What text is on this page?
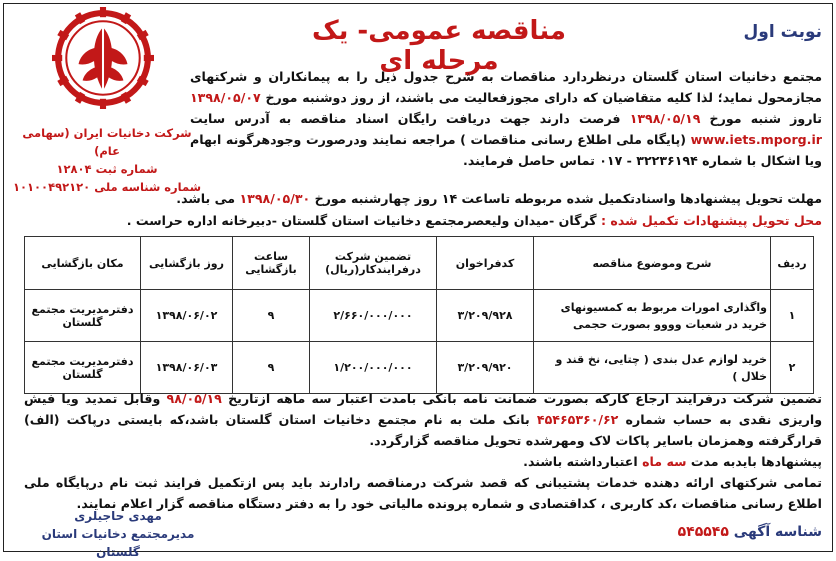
نوبت اول
مناقصه عمومی- یک مرحله ای
شرکت دخانیات ایران (سهامی عام)
شماره ثبت ۱۲۸۰۴
شماره شناسه ملی ۱۰۱۰۰۴۹۲۱۲۰
مجتمع دخانیات استان گلستان درنظردارد مناقصات به شرح جدول ذیل را به پیمانکاران و شرکتهای مجازمحول نماید؛ لذا کلیه متقاضیان که دارای مجوزفعالیت می باشند، از روز دوشنبه مورخ ۱۳۹۸/۰۵/۰۷ تاروز شنبه مورخ ۱۳۹۸/۰۵/۱۹ فرصت دارند جهت دریافت رایگان اسناد مناقصه به آدرس سایت www.iets.mporg.ir (پایگاه ملی اطلاع رسانی مناقصات ) مراجعه نمایند ودرصورت وجودهرگونه ابهام ویا اشکال با شماره ۳۲۲۳۶۱۹۴ - ۰۱۷ تماس حاصل فرمایند.
مهلت تحویل پیشنهادها واسنادتکمیل شده مربوطه تاساعت ۱۴ روز چهارشنبه مورخ ۱۳۹۸/۰۵/۳۰ می باشد.
محل تحویل پیشنهادات تکمیل شده : گرگان -میدان ولیعصرمجتمع دخانیات استان گلستان -دبیرخانه اداره حراست .
ردیف	شرح وموضوع مناقصه	کدفراخوان	تضمین شرکت درفرایندکار(ریال)	ساعت بازگشایی	روز بازگشایی	مکان بازگشایی
۱	واگذاری امورات مربوط به کمسیونهای خرید در شعبات وووو بصورت حجمی	۳/۲۰۹/۹۲۸	۲/۶۶۰/۰۰۰/۰۰۰	۹	۱۳۹۸/۰۶/۰۲	دفترمدیریت مجتمع گلستان
۲	خرید لوازم عدل بندی ( چتایی، نخ قند و خلال )	۳/۲۰۹/۹۲۰	۱/۲۰۰/۰۰۰/۰۰۰	۹	۱۳۹۸/۰۶/۰۳	دفترمدیریت مجتمع گلستان
تضمین شرکت درفرایند ارجاع کارکه بصورت ضمانت نامه بانکی بامدت اعتبار سه ماهه ازتاریخ ۹۸/۰۵/۱۹ وقابل تمدید ویا فیش واریزی نقدی به حساب شماره ۴۵۴۶۵۳۶۰/۶۲ بانک ملت به نام مجتمع دخانیات استان گلستان باشد،که بایستی درپاکت (الف) قرارگرفته وهمزمان باسایر پاکات لاک ومهرشده تحویل مناقصه گزارگردد.
پیشنهادها بایدبه مدت سه ماه اعتبارداشته باشند.
تمامی شرکتهای ارائه دهنده خدمات پشتیبانی که قصد شرکت درمناقصه رادارند باید پس ازتکمیل فرایند ثبت نام درپایگاه ملی اطلاع رسانی مناقصات ،کد کاربری ، کداقتصادی و شماره پرونده مالیاتی خود را به دفتر دستگاه مناقصه گزار اعلام نمایند.
شناسه آگهی ۵۴۵۵۴۵
مهدی حاجیلری
مدیرمجتمع دخانیات استان گلستان
